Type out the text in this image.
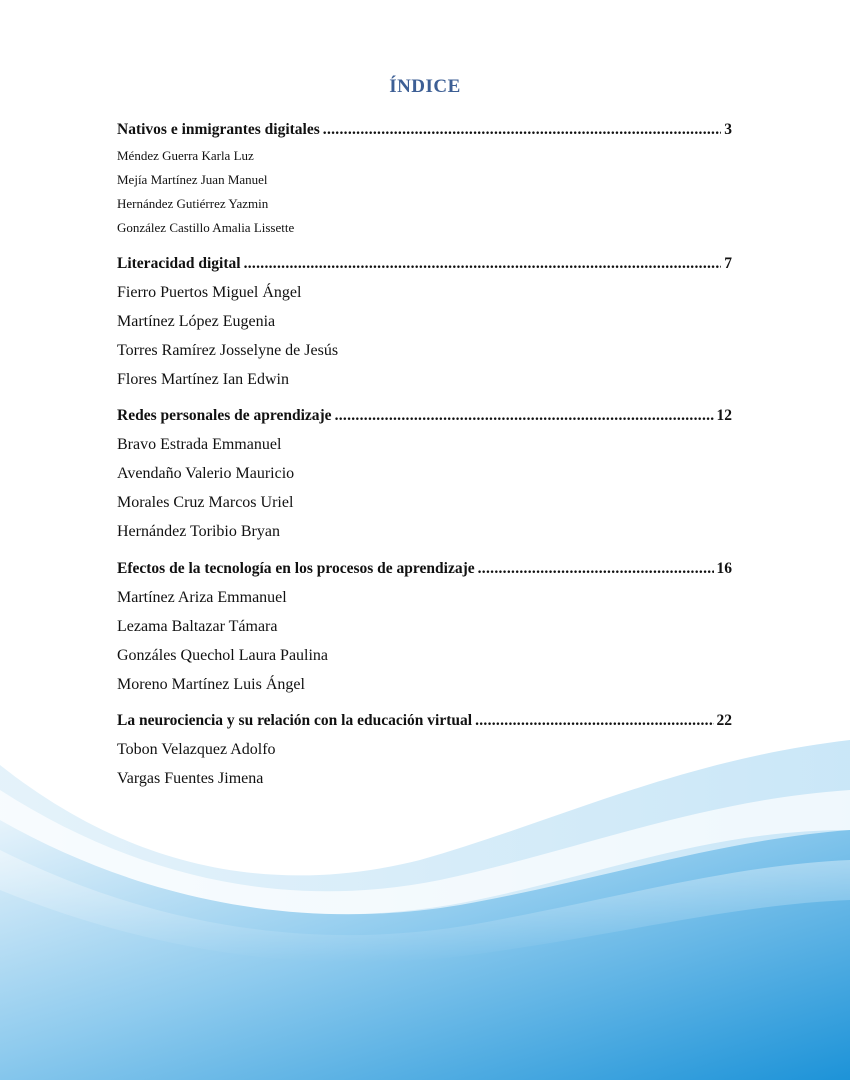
ÍNDICE
Nativos e inmigrantes digitales .....	3
Méndez Guerra Karla Luz
Mejía Martínez Juan Manuel
Hernández Gutiérrez Yazmin
González Castillo Amalia Lissette
Literacidad digital .....	7
Fierro Puertos Miguel Ángel
Martínez López Eugenia
Torres Ramírez Josselyne de Jesús
Flores Martínez Ian Edwin
Redes personales de aprendizaje .....	12
Bravo Estrada Emmanuel
Avendaño Valerio Mauricio
Morales Cruz Marcos Uriel
Hernández Toribio Bryan
Efectos de la tecnología en los procesos de aprendizaje .....	16
Martínez Ariza Emmanuel
Lezama Baltazar Támara
Gonzáles Quechol Laura Paulina
Moreno Martínez Luis Ángel
La neurociencia y su relación con la educación virtual .....	22
Tobon Velazquez Adolfo
Vargas Fuentes Jimena
